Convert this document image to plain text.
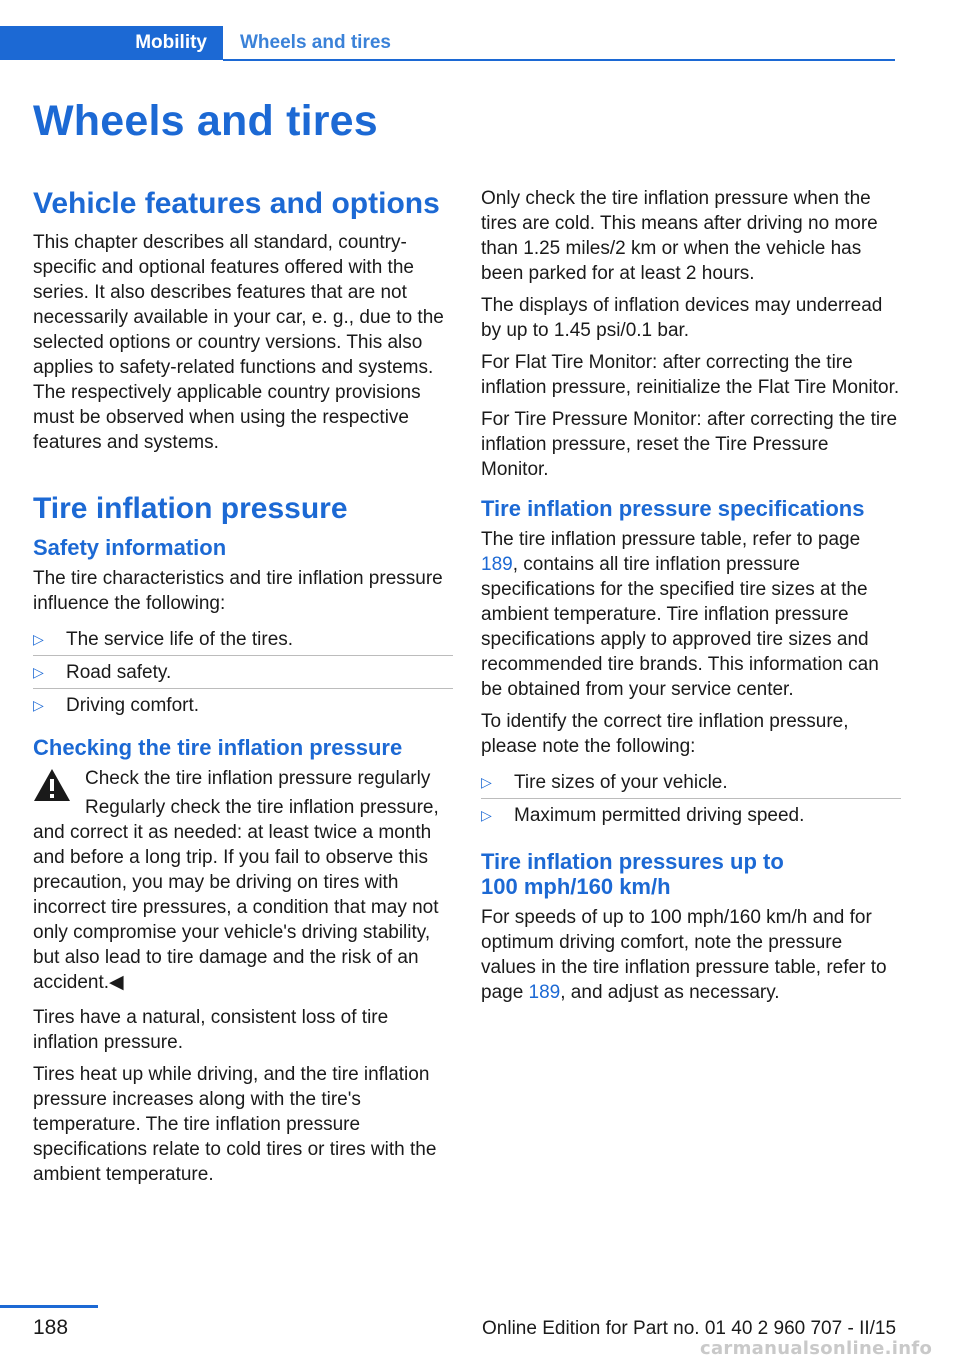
Mobility	Wheels and tires
Wheels and tires
Vehicle features and options

This chapter describes all standard, country-specific and optional features offered with the series. It also describes features that are not necessarily available in your car, e. g., due to the selected options or country versions. This also applies to safety-related functions and systems. The respectively applicable country provisions must be observed when using the respective features and systems.

Tire inflation pressure
Safety information

The tire characteristics and tire inflation pressure influence the following:

▷	The service life of the tires.
▷	Road safety.
▷	Driving comfort.
Checking the tire inflation pressure

Check the tire inflation pressure regularly

Regularly check the tire inflation pressure, and correct it as needed: at least twice a month and before a long trip. If you fail to observe this precaution, you may be driving on tires with incorrect tire pressures, a condition that may not only compromise your vehicle's driving stability, but also lead to tire damage and the risk of an accident.◀

Tires have a natural, consistent loss of tire inflation pressure.

Tires heat up while driving, and the tire inflation pressure increases along with the tire's temperature. The tire inflation pressure specifications relate to cold tires or tires with the ambient temperature.

Only check the tire inflation pressure when the tires are cold. This means after driving no more than 1.25 miles/2 km or when the vehicle has been parked for at least 2 hours.

The displays of inflation devices may underread by up to 1.45 psi/0.1 bar.

For Flat Tire Monitor: after correcting the tire inflation pressure, reinitialize the Flat Tire Monitor.

For Tire Pressure Monitor: after correcting the tire inflation pressure, reset the Tire Pressure Monitor.

Tire inflation pressure specifications

The tire inflation pressure table, refer to page 189, contains all tire inflation pressure specifications for the specified tire sizes at the ambient temperature. Tire inflation pressure specifications apply to approved tire sizes and recommended tire brands. This information can be obtained from your service center.

To identify the correct tire inflation pressure, please note the following:

▷	Tire sizes of your vehicle.
▷	Maximum permitted driving speed.
Tire inflation pressures up to 100 mph/160 km/h

For speeds of up to 100 mph/160 km/h and for optimum driving comfort, note the pressure values in the tire inflation pressure table, refer to page 189, and adjust as necessary.

188	Online Edition for Part no. 01 40 2 960 707 - II/15
carmanualsonline.info
